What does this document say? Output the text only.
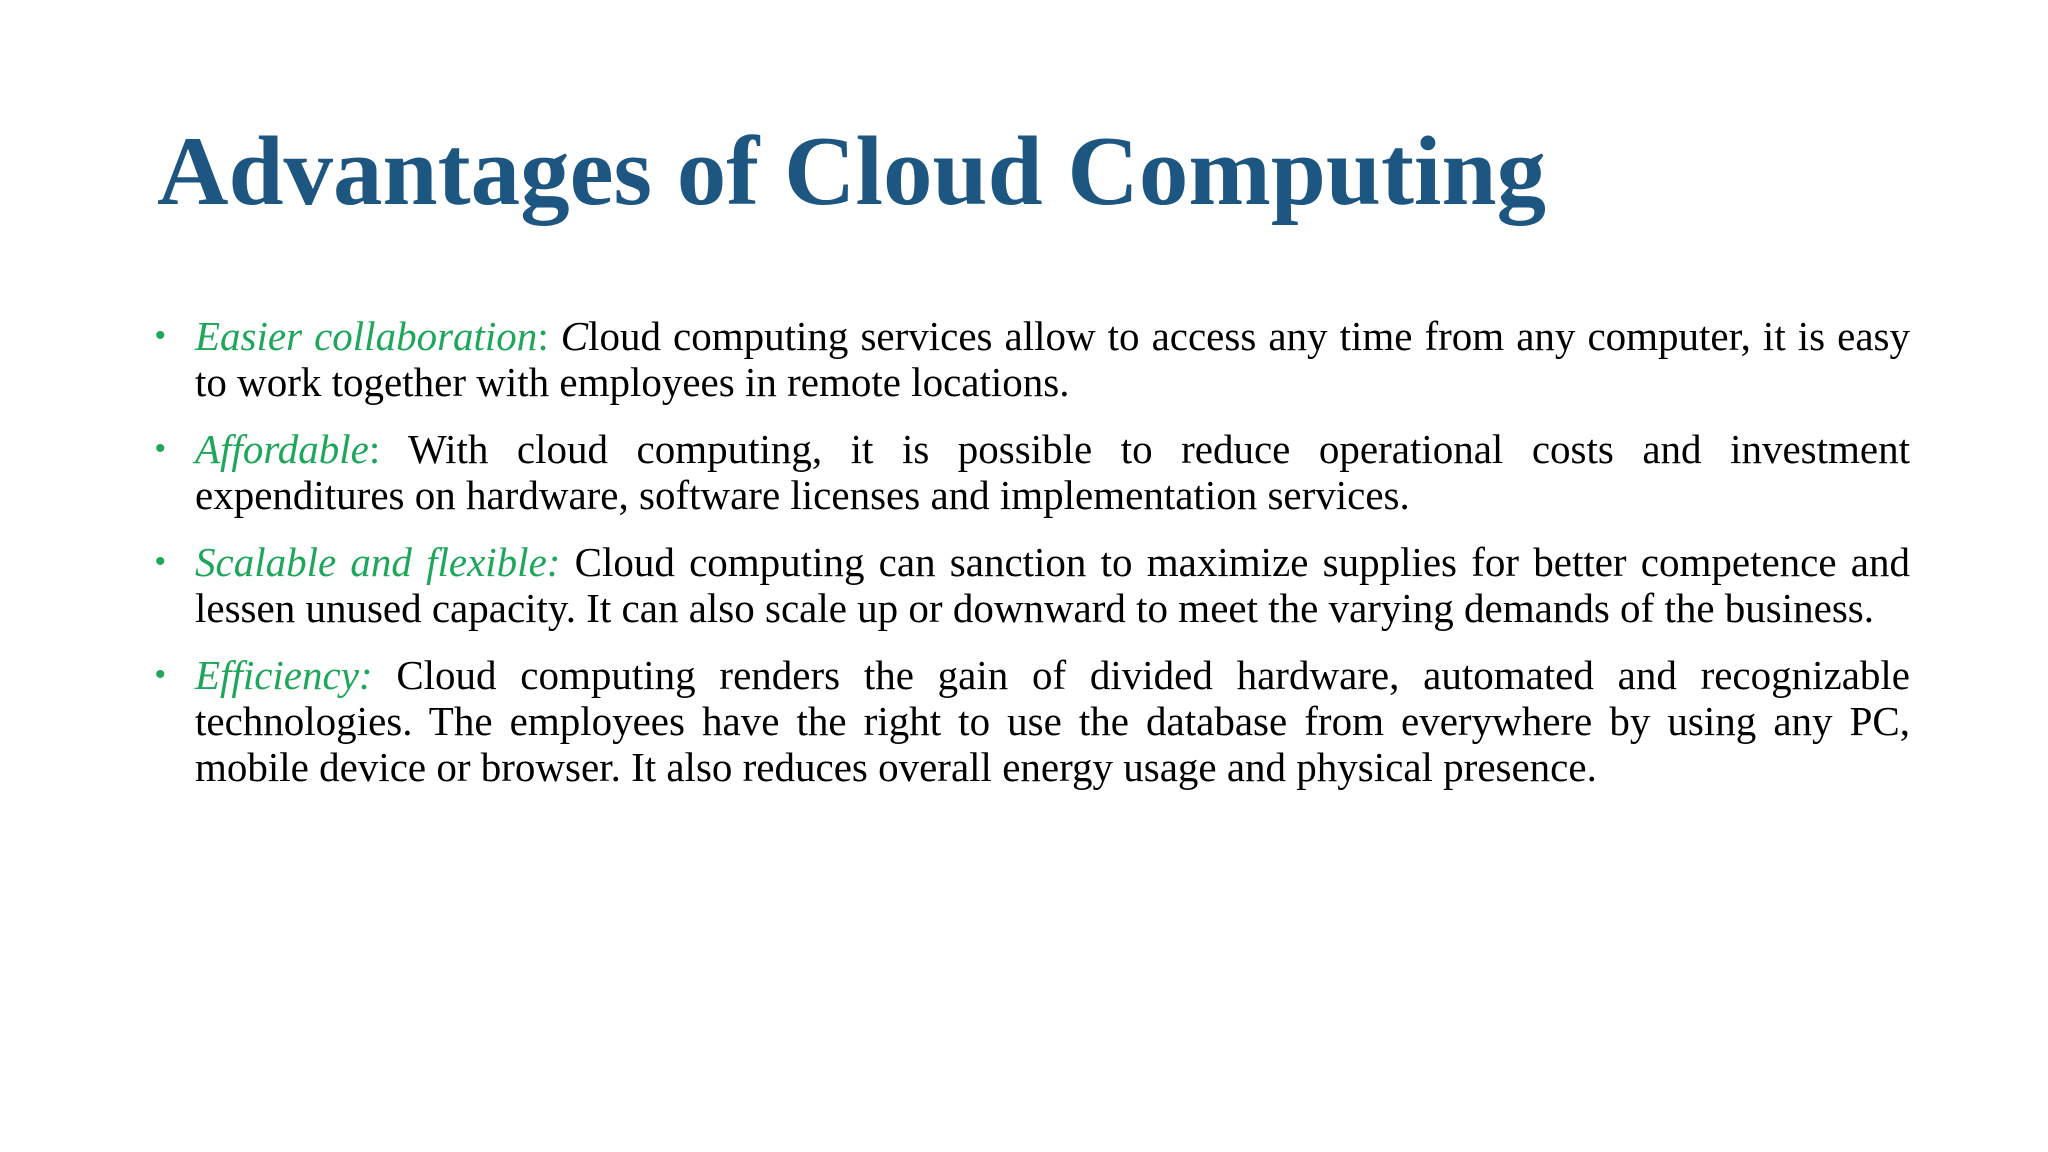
Advantages of Cloud Computing
• Easier collaboration: Cloud computing services allow to access any time from any computer, it is easy to work together with employees in remote locations.
• Affordable: With cloud computing, it is possible to reduce operational costs and investment expenditures on hardware, software licenses and implementation services.
• Scalable and flexible: Cloud computing can sanction to maximize supplies for better competence and lessen unused capacity. It can also scale up or downward to meet the varying demands of the business.
• Efficiency: Cloud computing renders the gain of divided hardware, automated and recognizable technologies. The employees have the right to use the database from everywhere by using any PC, mobile device or browser. It also reduces overall energy usage and physical presence.
